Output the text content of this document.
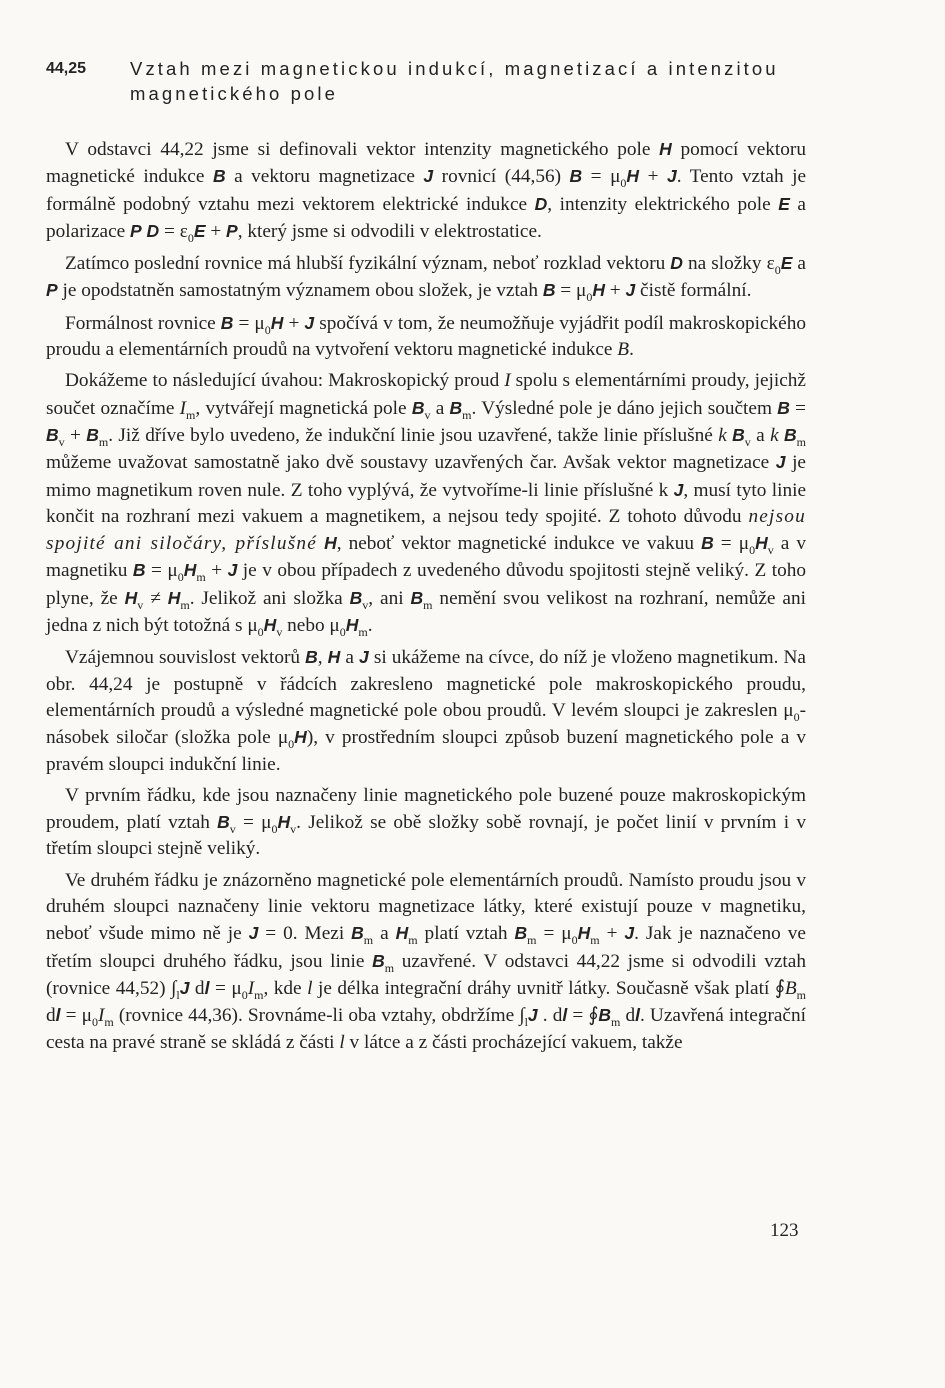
44,25	Vztah mezi magnetickou indukcí, magnetizací a intenzitou
magnetického pole

V odstavci 44,22 jsme si definovali vektor intenzity magnetického pole H pomocí vektoru magnetické indukce B a vektoru magnetizace J rovnicí (44,56) $B = \mu_0H + J$. Tento vztah je formálně podobný vztahu mezi vektorem elektrické indukce D, intenzity elektrického pole E a polarizace P $D = \varepsilon_0E + P$, který jsme si odvodili v elektrostatice.

Zatímco poslední rovnice má hlubší fyzikální význam, neboť rozklad vektoru D na složky $\varepsilon_0E$ a P je opodstatněn samostatným významem obou složek, je vztah $B = \mu_0H + J$ čistě formální.

Formálnost rovnice $B = \mu_0H + J$ spočívá v tom, že neumožňuje vyjádřit podíl makroskopického proudu a elementárních proudů na vytvoření vektoru magnetické indukce B.

Dokážeme to následující úvahou: Makroskopický proud I spolu s elementárními proudy, jejichž součet označíme $I_m$, vytvářejí magnetická pole $B_v$ a $B_m$. Výsledné pole je dáno jejich součtem $B = B_v + B_m$. Již dříve bylo uvedeno, že indukční linie jsou uzavřené, takže linie příslušné k $B_v$ a k $B_m$ můžeme uvažovat samostatně jako dvě soustavy uzavřených čar. Avšak vektor magnetizace J je mimo magnetikum roven nule. Z toho vyplývá, že vytvoříme-li linie příslušné k J, musí tyto linie končit na rozhraní mezi vakuem a magnetikem, a nejsou tedy spojité. Z tohoto důvodu nejsou spojité ani siločáry, příslušné H, neboť vektor magnetické indukce ve vakuu $B = \mu_0H_v$ a v magnetiku $B = \mu_0H_m + J$ je v obou případech z uvedeného důvodu spojitosti stejně veliký. Z toho plyne, že $H_v \ne H_m$. Jelikož ani složka $B_v$, ani $B_m$ nemění svou velikost na rozhraní, nemůže ani jedna z nich být totožná s $\mu_0H_v$ nebo $\mu_0H_m$.

Vzájemnou souvislost vektorů B, H a J si ukážeme na cívce, do níž je vloženo magnetikum. Na obr. 44,24 je postupně v řádcích zakresleno magnetické pole makroskopického proudu, elementárních proudů a výsledné magnetické pole obou proudů. V levém sloupci je zakreslen $\mu_0$-násobek siločar (složka pole $\mu_0H$), v prostředním sloupci způsob buzení magnetického pole a v pravém sloupci indukční linie.

V prvním řádku, kde jsou naznačeny linie magnetického pole buzené pouze makroskopickým proudem, platí vztah $B_v = \mu_0H_v$. Jelikož se obě složky sobě rovnají, je počet linií v prvním i v třetím sloupci stejně veliký.

Ve druhém řádku je znázorněno magnetické pole elementárních proudů. Namísto proudu jsou v druhém sloupci naznačeny linie vektoru magnetizace látky, které existují pouze v magnetiku, neboť všude mimo ně je J = 0. Mezi $B_m$ a $H_m$ platí vztah $B_m = \mu_0H_m + J$. Jak je naznačeno ve třetím sloupci druhého řádku, jsou linie $B_m$ uzavřené. V odstavci 44,22 jsme si odvodili vztah (rovnice 44,52) $\int_lJ$ dl = $\mu_0I_m$, kde l je délka integrační dráhy uvnitř látky. Současně však platí $∮B_m$ dl = $\mu_0I_m$ (rovnice 44,36). Srovnáme-li oba vztahy, obdržíme $\int_lJ$ . dl = $∮B_m$ dl. Uzavřená integrační cesta na pravé straně se skládá z části l v látce a z části procházející vakuem, takže

123
